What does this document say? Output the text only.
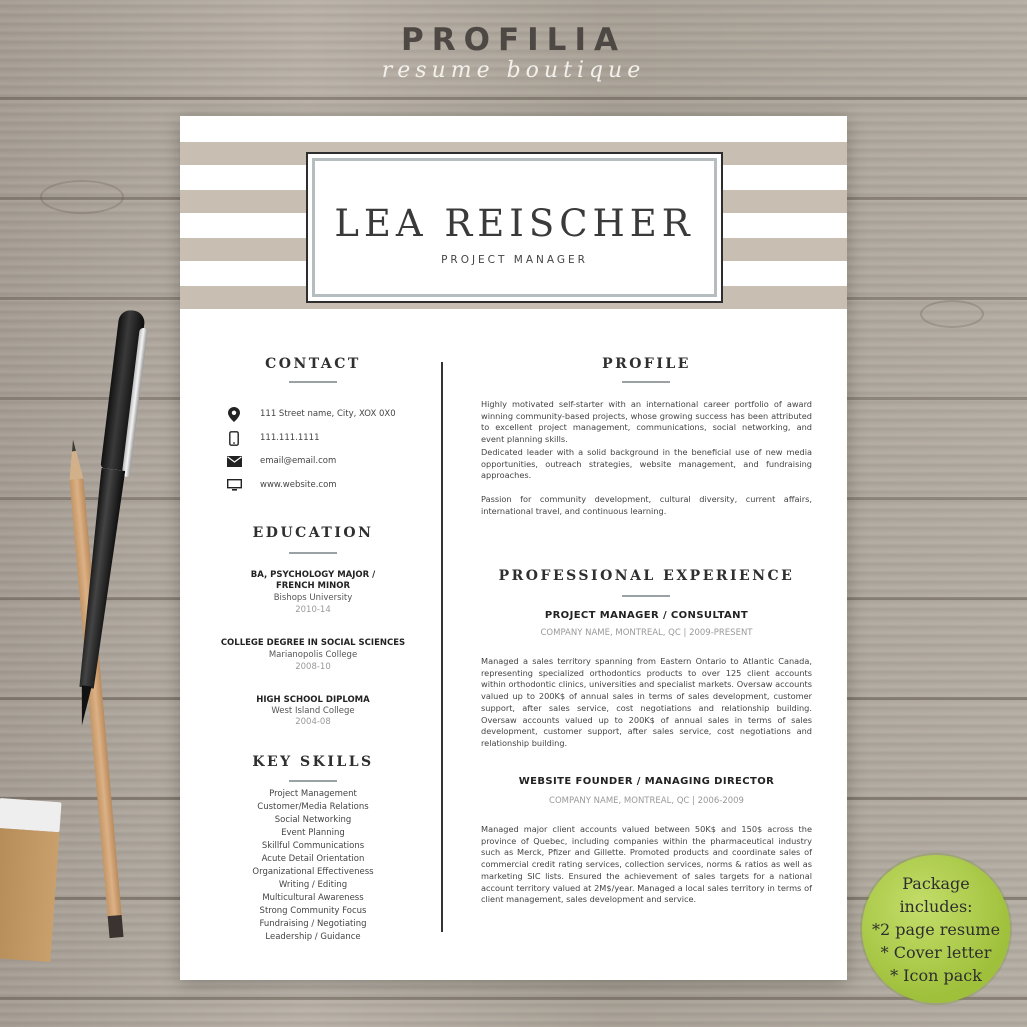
PROFILIA
resume boutique
LEA REISCHER
PROJECT MANAGER
CONTACT
111 Street name, City, XOX 0X0
111.111.1111
email@email.com
www.website.com
EDUCATION
BA, PSYCHOLOGY MAJOR /
FRENCH MINOR
Bishops University
2010-14
COLLEGE DEGREE IN SOCIAL SCIENCES
Marianopolis College
2008-10
HIGH SCHOOL DIPLOMA
West Island College
2004-08
KEY SKILLS
Project Management
Customer/Media Relations
Social Networking
Event Planning
Skillful Communications
Acute Detail Orientation
Organizational Effectiveness
Writing / Editing
Multicultural Awareness
Strong Community Focus
Fundraising / Negotiating
Leadership / Guidance
PROFILE

Highly motivated self-starter with an international career portfolio of award winning community-based projects, whose growing success has been attributed to excellent project management, communications, social networking, and event planning skills.

Dedicated leader with a solid background in the beneficial use of new media opportunities, outreach strategies, website management, and fundraising approaches.

Passion for community development, cultural diversity, current affairs, international travel, and continuous learning.

PROFESSIONAL EXPERIENCE
PROJECT MANAGER / CONSULTANT
COMPANY NAME, MONTREAL, QC | 2009-PRESENT

Managed a sales territory spanning from Eastern Ontario to Atlantic Canada, representing specialized orthodontics products to over 125 client accounts within orthodontic clinics, universities and specialist markets. Oversaw accounts valued up to 200K$ of annual sales in terms of sales development, customer support, after sales service, cost negotiations and relationship building. Oversaw accounts valued up to 200K$ of annual sales in terms of sales development, customer support, after sales service, cost negotiations and relationship building.

WEBSITE FOUNDER / MANAGING DIRECTOR
COMPANY NAME, MONTREAL, QC | 2006-2009

Managed major client accounts valued between 50K$ and 150$ across the province of Quebec, including companies within the pharmaceutical industry such as Merck, Pfizer and Gillette. Promoted products and coordinate sales of commercial credit rating services, collection services, norms & ratios as well as marketing SIC lists. Ensured the achievement of sales targets for a national account territory valued at 2M$/year. Managed a local sales territory in terms of client management, sales development and service.

Package
includes:
*2 page resume
* Cover letter
* Icon pack
